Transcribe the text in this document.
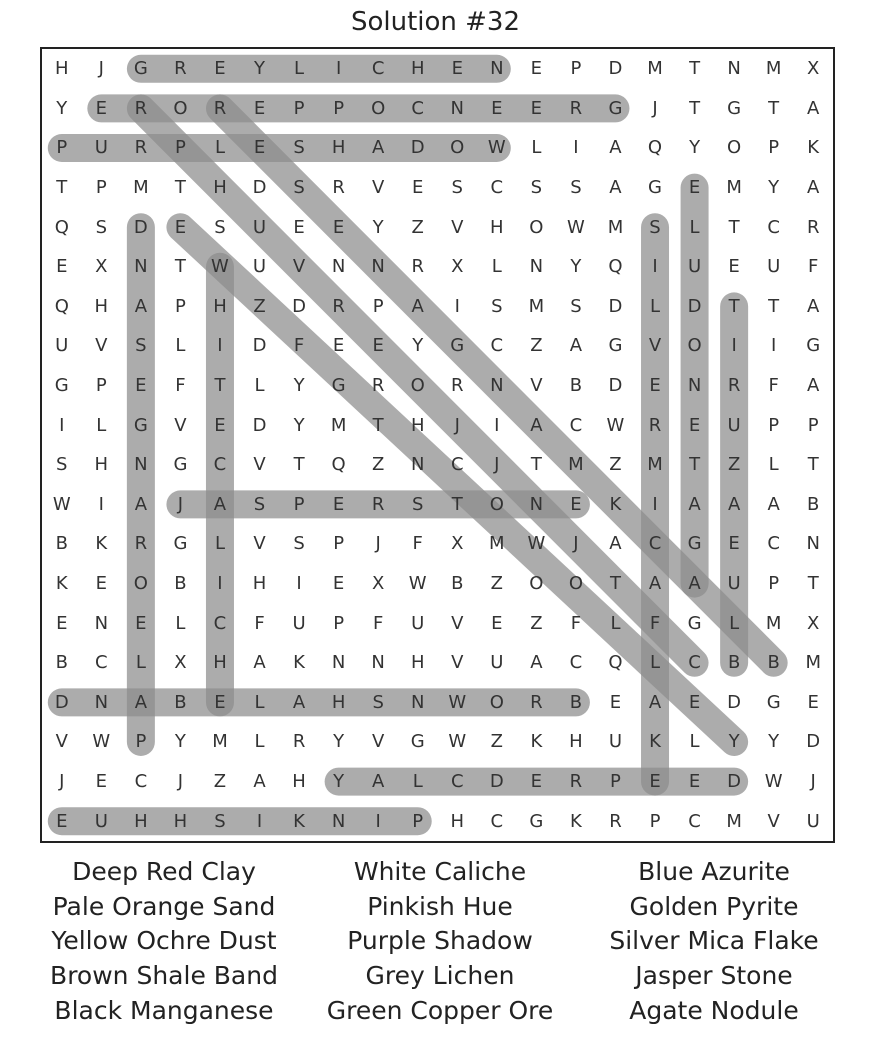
Solution #32
H	J	G	R	E	Y	L	I	C	H	E	N	E	P	D	M	T	N	M	X
Y	E	R	O	R	E	P	P	O	C	N	E	E	R	G	J	T	G	T	A
P	U	R	P	L	E	S	H	A	D	O	W	L	I	A	Q	Y	O	P	K
T	P	M	T	H	D	S	R	V	E	S	C	S	S	A	G	E	M	Y	A
Q	S	D	E	S	U	E	E	Y	Z	V	H	O	W	M	S	L	T	C	R
E	X	N	T	W	U	V	N	N	R	X	L	N	Y	Q	I	U	E	U	F
Q	H	A	P	H	Z	D	R	P	A	I	S	M	S	D	L	D	T	T	A
U	V	S	L	I	D	F	E	E	Y	G	C	Z	A	G	V	O	I	I	G
G	P	E	F	T	L	Y	G	R	O	R	N	V	B	D	E	N	R	F	A
I	L	G	V	E	D	Y	M	T	H	J	I	A	C	W	R	E	U	P	P
S	H	N	G	C	V	T	Q	Z	N	C	J	T	M	Z	M	T	Z	L	T
W	I	A	J	A	S	P	E	R	S	T	O	N	E	K	I	A	A	A	B
B	K	R	G	L	V	S	P	J	F	X	M	W	J	A	C	G	E	C	N
K	E	O	B	I	H	I	E	X	W	B	Z	O	O	T	A	A	U	P	T
E	N	E	L	C	F	U	P	F	U	V	E	Z	F	L	F	G	L	M	X
B	C	L	X	H	A	K	N	N	H	V	U	A	C	Q	L	C	B	B	M
D	N	A	B	E	L	A	H	S	N	W	O	R	B	E	A	E	D	G	E
V	W	P	Y	M	L	R	Y	V	G	W	Z	K	H	U	K	L	Y	Y	D
J	E	C	J	Z	A	H	Y	A	L	C	D	E	R	P	E	E	D	W	J
E	U	H	H	S	I	K	N	I	P	H	C	G	K	R	P	C	M	V	U
Deep Red Clay
Pale Orange Sand
Yellow Ochre Dust
Brown Shale Band
Black Manganese
White Caliche
Pinkish Hue
Purple Shadow
Grey Lichen
Green Copper Ore
Blue Azurite
Golden Pyrite
Silver Mica Flake
Jasper Stone
Agate Nodule
